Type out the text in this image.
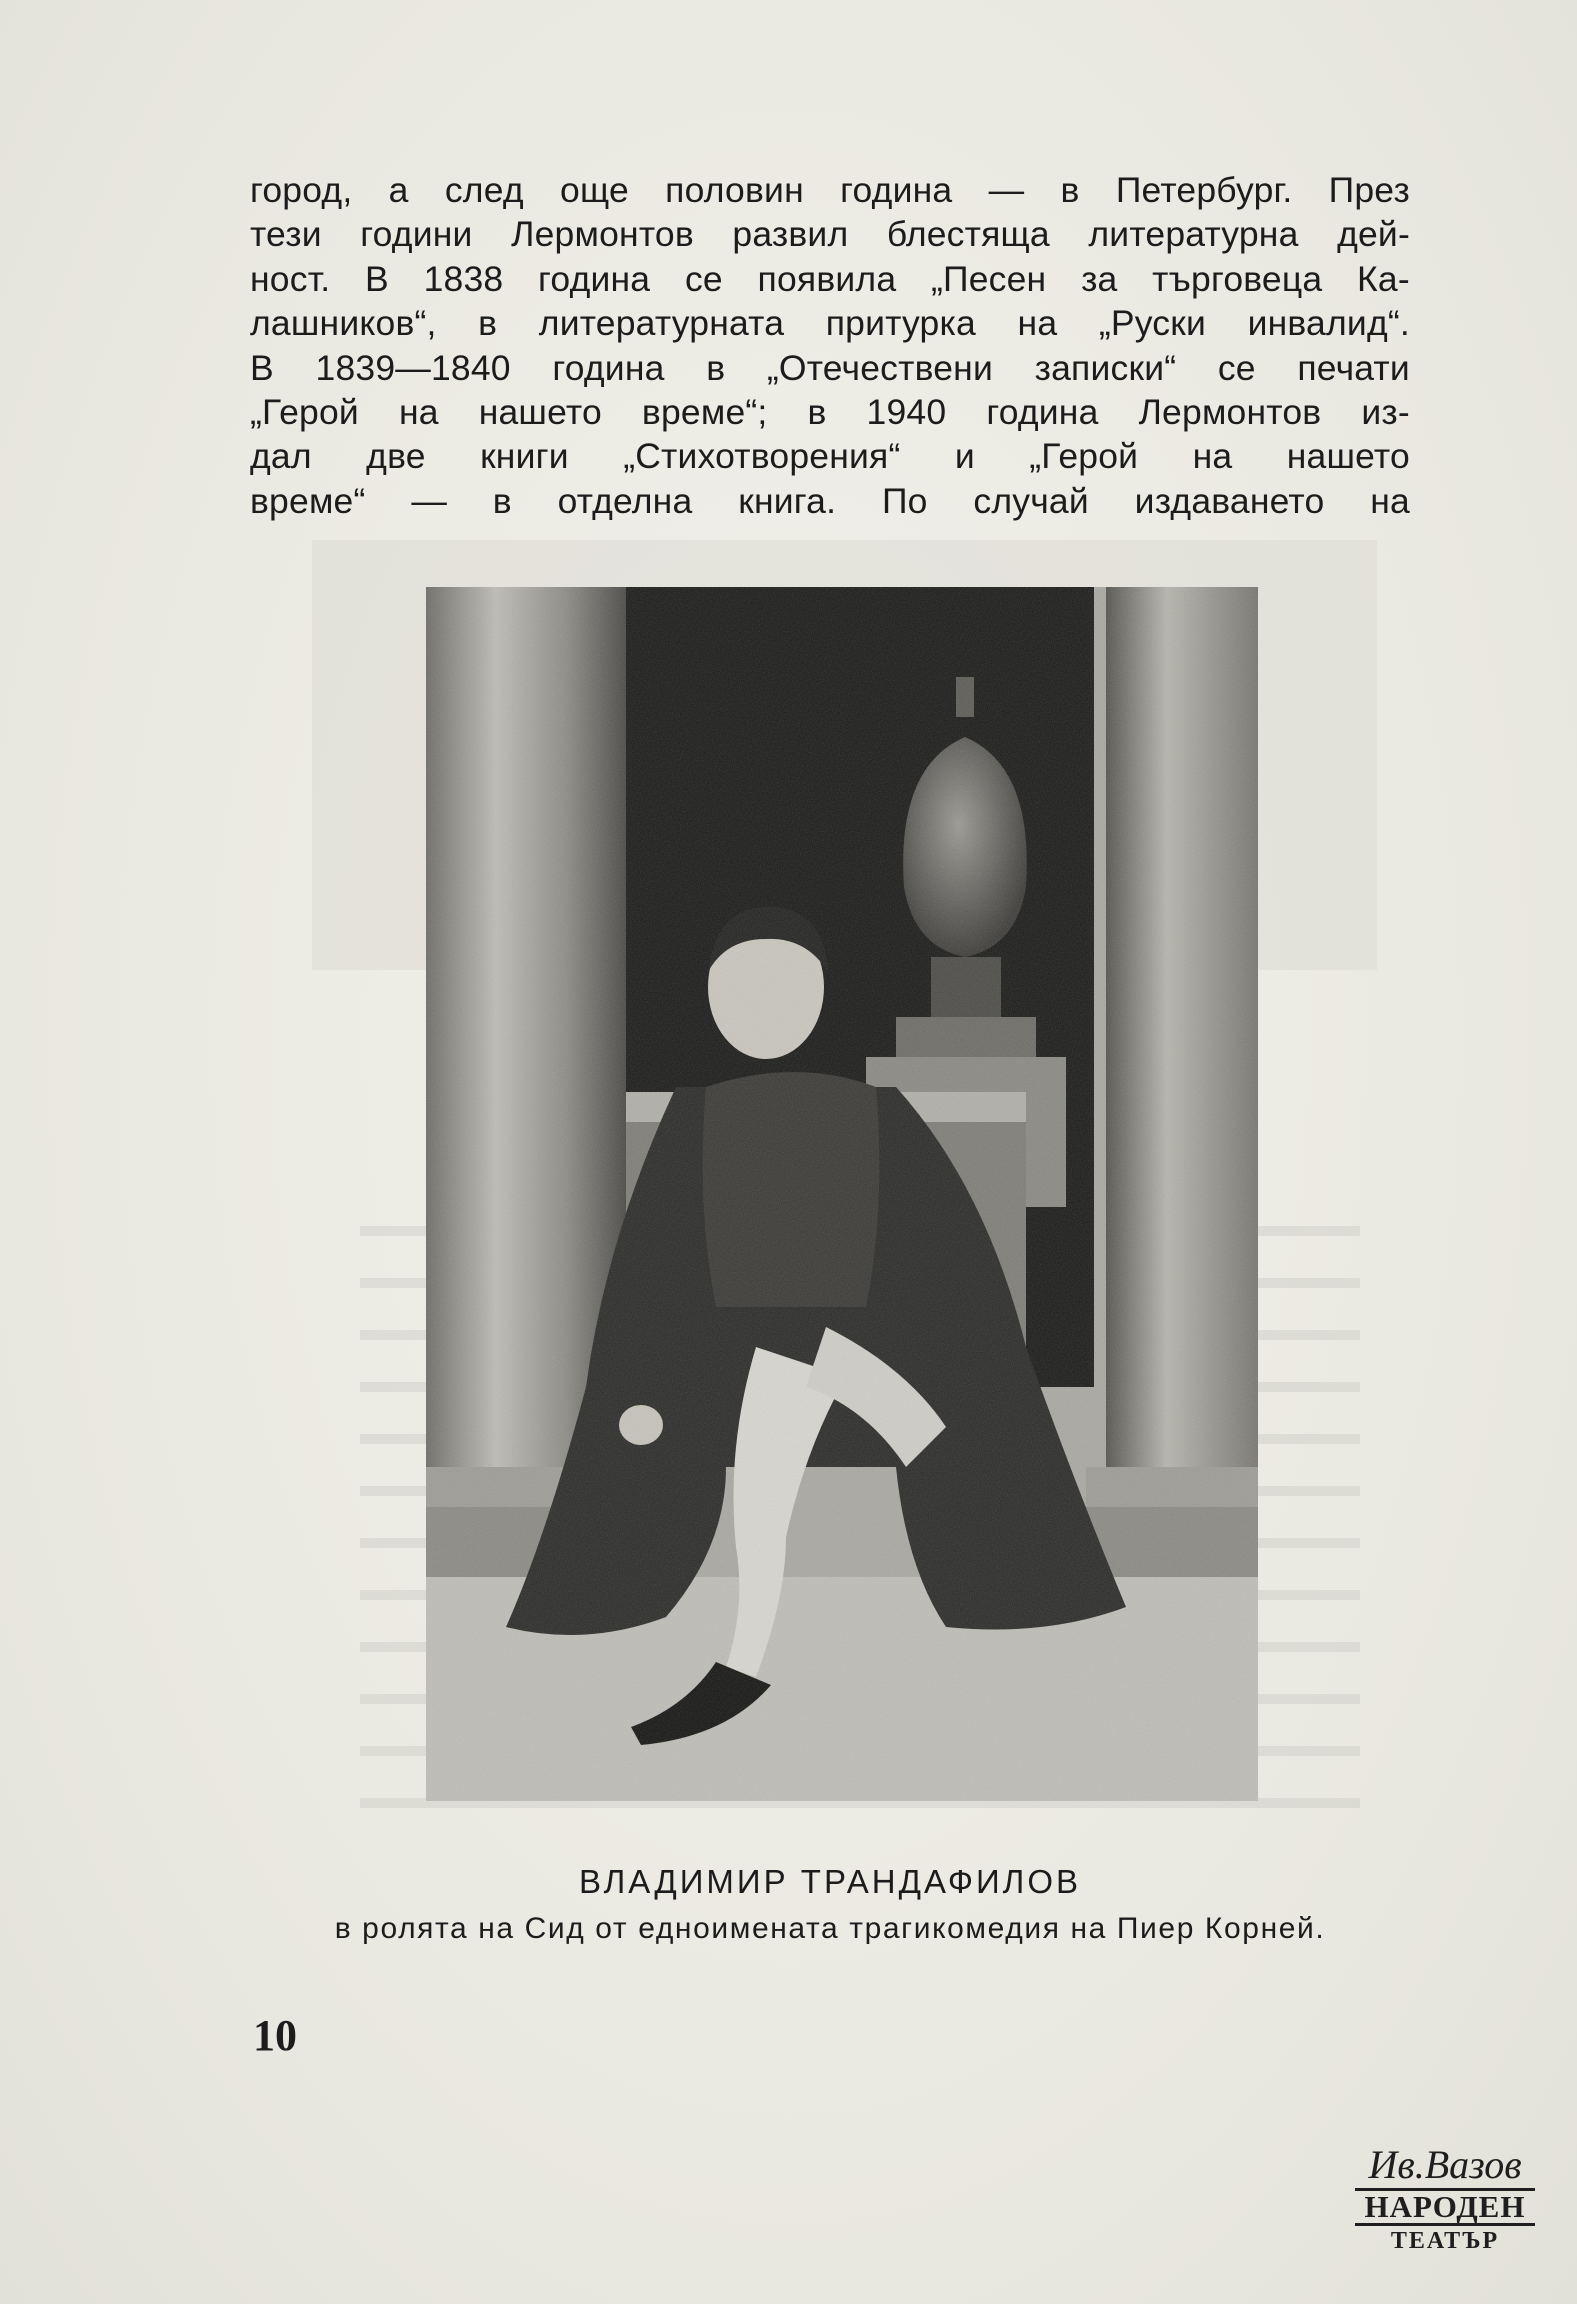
город, а след още половин година — в Петербург. През
тези години Лермонтов развил блестяща литературна дей-
ност. В 1838 година се появила „Песен за търговеца Ка-
лашников“, в литературната притурка на „Руски инвалид“.
В 1839—1840 година в „Отечествени записки“ се печати
„Герой на нашето време“; в 1940 година Лермонтов из-
дал две книги „Стихотворения“ и „Герой на нашето
време“ — в отделна книга. По случай издаването на
ВЛАДИМИР ТРАНДАФИЛОВ
в ролята на Сид от едноимената трагикомедия на Пиер Корней.
10
Ив.Вазов
НАРОДЕН
ТЕАТЪР
